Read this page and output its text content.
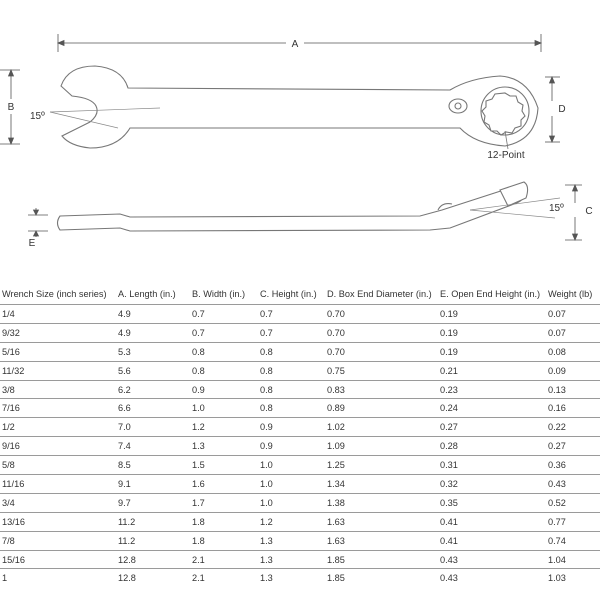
A
B
15º
D
12-Point
15º C
E
Wrench Size (inch series)	A. Length (in.)	B. Width (in.)	C. Height (in.)	D. Box End Diameter (in.)	E. Open End Height (in.)	Weight (lb)
1/4	4.9	0.7	0.7	0.70	0.19	0.07
9/32	4.9	0.7	0.7	0.70	0.19	0.07
5/16	5.3	0.8	0.8	0.70	0.19	0.08
11/32	5.6	0.8	0.8	0.75	0.21	0.09
3/8	6.2	0.9	0.8	0.83	0.23	0.13
7/16	6.6	1.0	0.8	0.89	0.24	0.16
1/2	7.0	1.2	0.9	1.02	0.27	0.22
9/16	7.4	1.3	0.9	1.09	0.28	0.27
5/8	8.5	1.5	1.0	1.25	0.31	0.36
11/16	9.1	1.6	1.0	1.34	0.32	0.43
3/4	9.7	1.7	1.0	1.38	0.35	0.52
13/16	11.2	1.8	1.2	1.63	0.41	0.77
7/8	11.2	1.8	1.3	1.63	0.41	0.74
15/16	12.8	2.1	1.3	1.85	0.43	1.04
1	12.8	2.1	1.3	1.85	0.43	1.03
